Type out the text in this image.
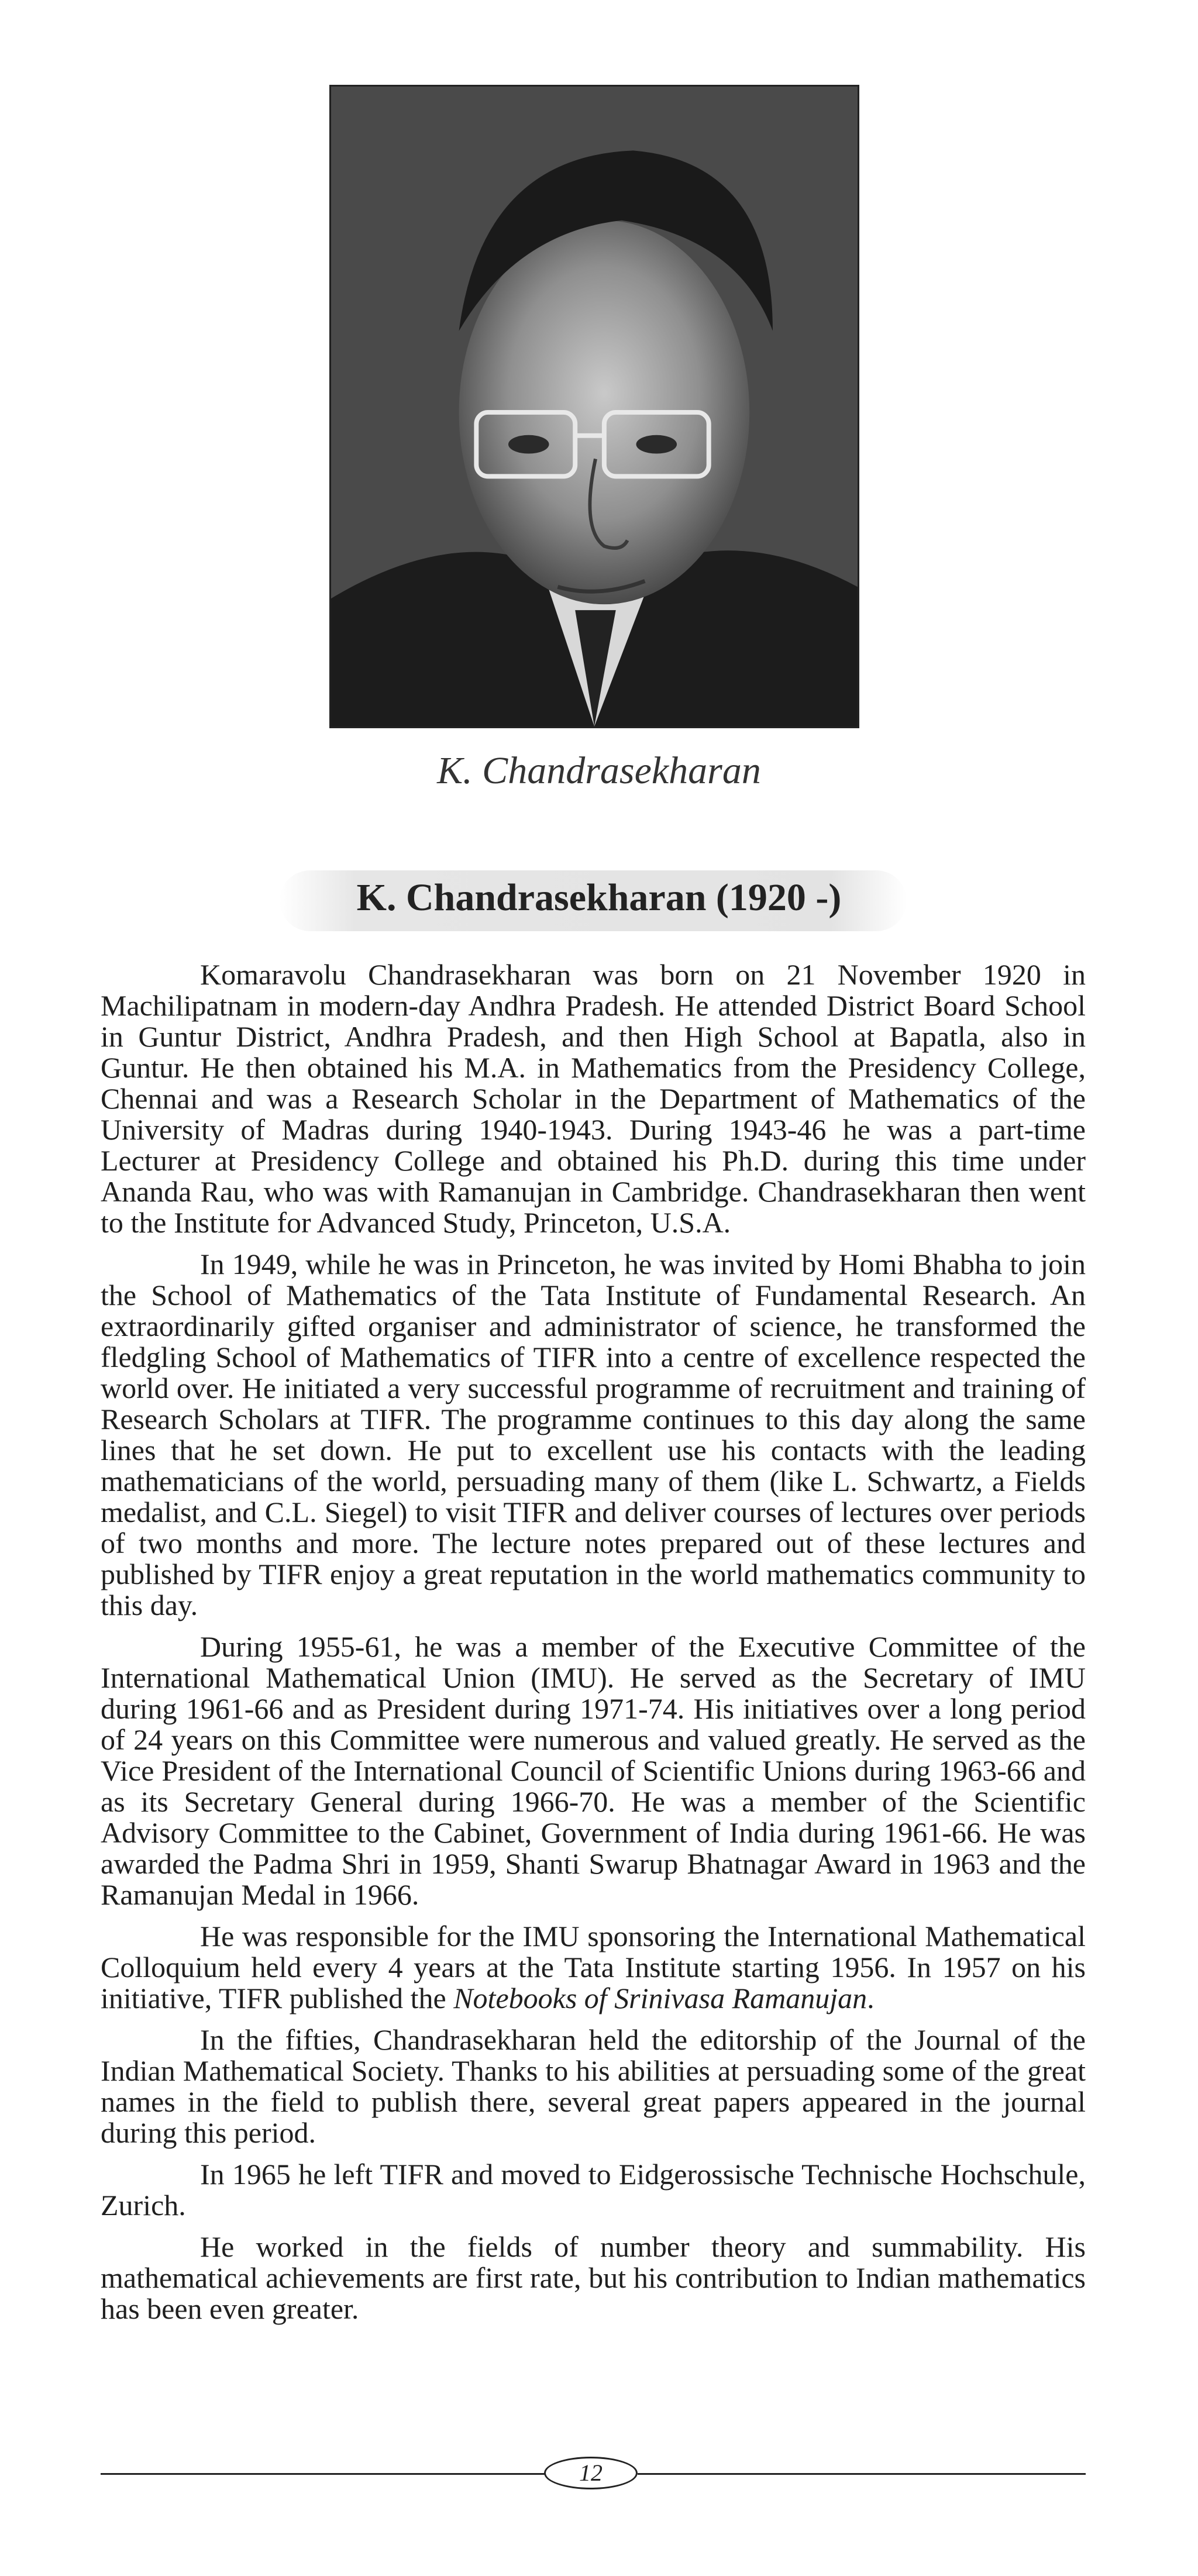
K. Chandrasekharan
K. Chandrasekharan (1920 -)

Komaravolu Chandrasekharan was born on 21 November 1920 in Machilipatnam in modern-day Andhra Pradesh. He attended District Board School in Guntur District, Andhra Pradesh, and then High School at Bapatla, also in Guntur. He then obtained his M.A. in Mathematics from the Presidency College, Chennai and was a Research Scholar in the Department of Mathematics of the University of Madras during 1940-1943. During 1943-46 he was a part-time Lecturer at Presidency College and obtained his Ph.D. during this time under Ananda Rau, who was with Ramanujan in Cambridge. Chandrasekharan then went to the Institute for Advanced Study, Princeton, U.S.A.

In 1949, while he was in Princeton, he was invited by Homi Bhabha to join the School of Mathematics of the Tata Institute of Fundamental Research. An extraordinarily gifted organiser and administrator of science, he transformed the fledgling School of Mathematics of TIFR into a centre of excellence respected the world over. He initiated a very successful programme of recruitment and training of Research Scholars at TIFR. The programme continues to this day along the same lines that he set down. He put to excellent use his contacts with the leading mathematicians of the world, persuading many of them (like L. Schwartz, a Fields medalist, and C.L. Siegel) to visit TIFR and deliver courses of lectures over periods of two months and more. The lecture notes prepared out of these lectures and published by TIFR enjoy a great reputation in the world mathematics community to this day.

During 1955-61, he was a member of the Executive Committee of the International Mathematical Union (IMU). He served as the Secretary of IMU during 1961-66 and as President during 1971-74. His initiatives over a long period of 24 years on this Committee were numerous and valued greatly. He served as the Vice President of the International Council of Scientific Unions during 1963-66 and as its Secretary General during 1966-70. He was a member of the Scientific Advisory Committee to the Cabinet, Government of India during 1961-66. He was awarded the Padma Shri in 1959, Shanti Swarup Bhatnagar Award in 1963 and the Ramanujan Medal in 1966.

He was responsible for the IMU sponsoring the International Mathematical Colloquium held every 4 years at the Tata Institute starting 1956. In 1957 on his initiative, TIFR published the Notebooks of Srinivasa Ramanujan.

In the fifties, Chandrasekharan held the editorship of the Journal of the Indian Mathematical Society. Thanks to his abilities at persuading some of the great names in the field to publish there, several great papers appeared in the journal during this period.

In 1965 he left TIFR and moved to Eidgerossische Technische Hochschule, Zurich.

He worked in the fields of number theory and summability. His mathematical achievements are first rate, but his contribution to Indian mathematics has been even greater.

12
